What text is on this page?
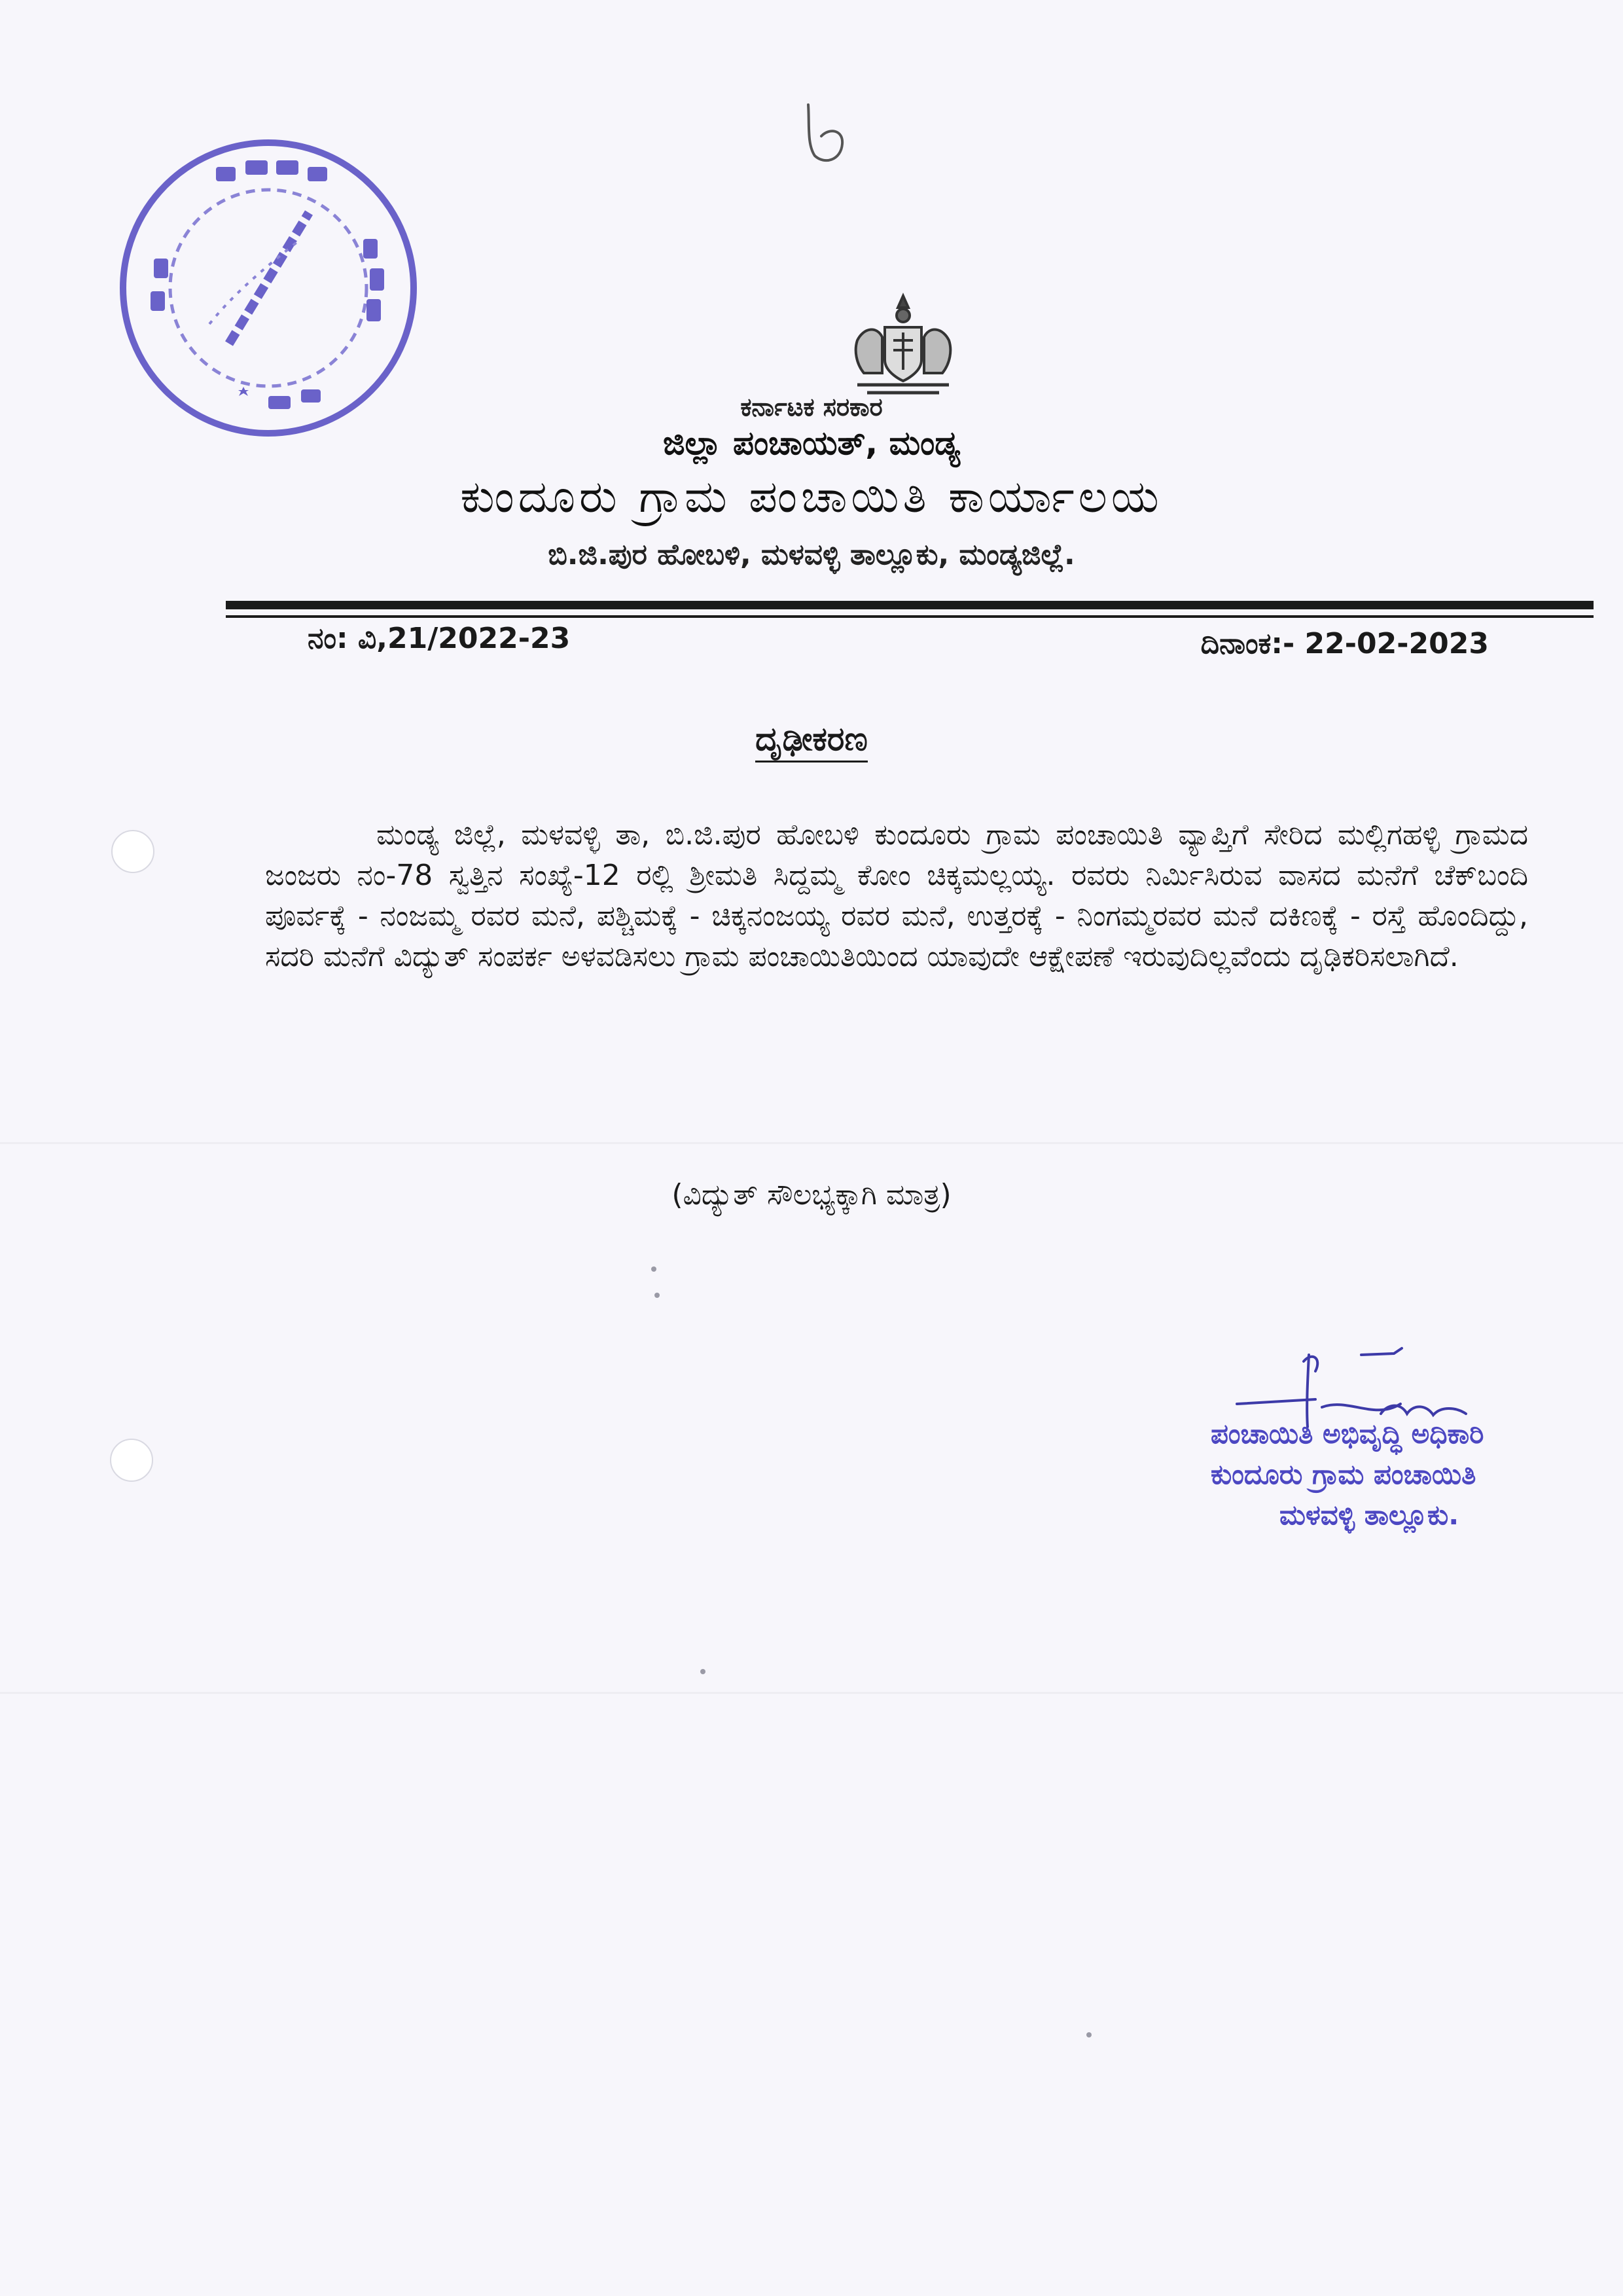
ಕರ್ನಾಟಕ ಸರಕಾರ
ಜಿಲ್ಲಾ ಪಂಚಾಯತ್, ಮಂಡ್ಯ
ಕುಂದೂರು ಗ್ರಾಮ ಪಂಚಾಯಿತಿ ಕಾರ್ಯಾಲಯ
ಬಿ.ಜಿ.ಪುರ ಹೋಬಳಿ, ಮಳವಳ್ಳಿ ತಾಲ್ಲೂಕು, ಮಂಡ್ಯಜಿಲ್ಲೆ.
ನಂ: ವಿ,21/2022-23	ದಿನಾಂಕ:- 22-02-2023
ದೃಢೀಕರಣ
ಮಂಡ್ಯ ಜಿಲ್ಲೆ, ಮಳವಳ್ಳಿ ತಾ, ಬಿ.ಜಿ.ಪುರ ಹೋಬಳಿ ಕುಂದೂರು ಗ್ರಾಮ ಪಂಚಾಯಿತಿ ವ್ಯಾಪ್ತಿಗೆ ಸೇರಿದ ಮಲ್ಲಿಗಹಳ್ಳಿ ಗ್ರಾಮದ ಜಂಜರು ನಂ-78 ಸ್ವತ್ತಿನ ಸಂಖ್ಯೆ-12 ರಲ್ಲಿ ಶ್ರೀಮತಿ ಸಿದ್ದಮ್ಮ ಕೋಂ ಚಿಕ್ಕಮಲ್ಲಯ್ಯ. ರವರು ನಿರ್ಮಿಸಿರುವ ವಾಸದ ಮನೆಗೆ ಚೆಕ್‌ಬಂದಿ ಪೂರ್ವಕ್ಕೆ - ನಂಜಮ್ಮ ರವರ ಮನೆ, ಪಶ್ಚಿಮಕ್ಕೆ - ಚಿಕ್ಕನಂಜಯ್ಯ ರವರ ಮನೆ, ಉತ್ತರಕ್ಕೆ - ನಿಂಗಮ್ಮರವರ ಮನೆ ದಕಿಣಕ್ಕೆ - ರಸ್ತೆ ಹೊಂದಿದ್ದು, ಸದರಿ ಮನೆಗೆ ವಿದ್ಯುತ್ ಸಂಪರ್ಕ ಅಳವಡಿಸಲು ಗ್ರಾಮ ಪಂಚಾಯಿತಿಯಿಂದ ಯಾವುದೇ ಆಕ್ಷೇಪಣೆ ಇರುವುದಿಲ್ಲವೆಂದು ದೃಢಿಕರಿಸಲಾಗಿದೆ.
(ವಿದ್ಯುತ್ ಸೌಲಭ್ಯಕ್ಕಾಗಿ ಮಾತ್ರ)
ಪಂಚಾಯಿತಿ ಅಭಿವೃದ್ಧಿ ಅಧಿಕಾರಿ
ಕುಂದೂರು ಗ್ರಾಮ ಪಂಚಾಯಿತಿ
ಮಳವಳ್ಳಿ ತಾಲ್ಲೂಕು.
